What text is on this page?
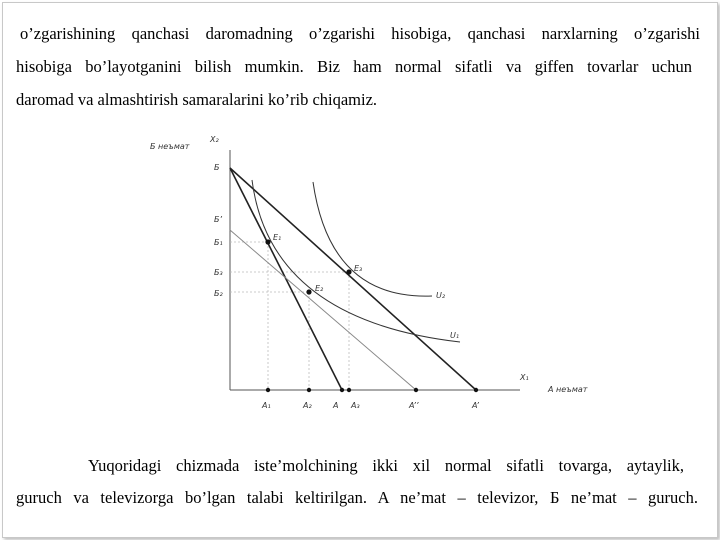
o’zgarishining qanchasi daromadning o’zgarishi hisobiga, qanchasi narxlarning o’zgarishi
hisobiga bo’layotganini bilish mumkin. Biz ham normal sifatli va giffen tovarlar uchun
daromad va almashtirish samaralarini ko’rib chiqamiz.
Б неъмат
X₂
X₁
А неъмат
Б
Б’
Б₁
Б₃
Б₂
A₁	A₂	A A₃	A’’	A’
E₁
E₃
E₂
U₂
U₁
Yuqoridagi chizmada iste’molchining ikki xil normal sifatli tovarga, aytaylik,
guruch va televizorga bo’lgan talabi keltirilgan. A ne’mat – televizor, Б ne’mat – guruch.
